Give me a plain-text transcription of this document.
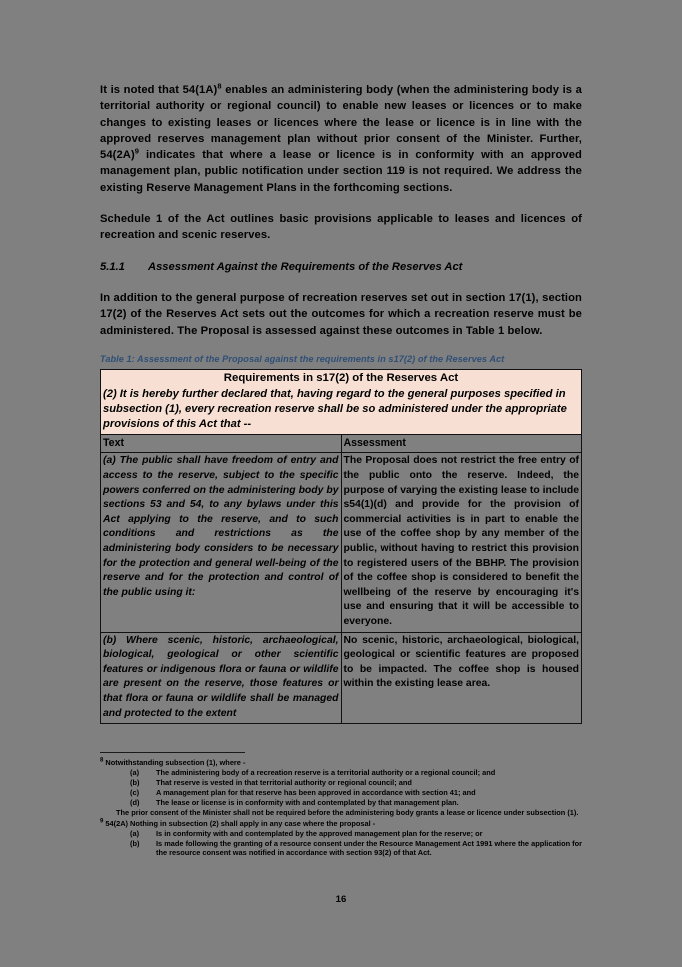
It is noted that 54(1A)$^8$ enables an administering body (when the administering body is a territorial authority or regional council) to enable new leases or licences or to make changes to existing leases or licences where the lease or licence is in line with the approved reserves management plan without prior consent of the Minister. Further, 54(2A)$^9$ indicates that where a lease or licence is in conformity with an approved management plan, public notification under section 119 is not required. We address the existing Reserve Management Plans in the forthcoming sections.

Schedule 1 of the Act outlines basic provisions applicable to leases and licences of recreation and scenic reserves.

5.1.1 Assessment Against the Requirements of the Reserves Act

In addition to the general purpose of recreation reserves set out in section 17(1), section 17(2) of the Reserves Act sets out the outcomes for which a recreation reserve must be administered. The Proposal is assessed against these outcomes in Table 1 below.

Table 1: Assessment of the Proposal against the requirements in s17(2) of the Reserves Act
Requirements in s17(2) of the Reserves Act
(2) It is hereby further declared that, having regard to the general purposes specified in subsection (1), every recreation reserve shall be so administered under the appropriate provisions of this Act that --	

Text	Assessment
(a) The public shall have freedom of entry and access to the reserve, subject to the specific powers conferred on the administering body by sections 53 and 54, to any bylaws under this Act applying to the reserve, and to such conditions and restrictions as the administering body considers to be necessary for the protection and general well-being of the reserve and for the protection and control of the public using it:	The Proposal does not restrict the free entry of the public onto the reserve. Indeed, the purpose of varying the existing lease to include s54(1)(d) and provide for the provision of commercial activities is in part to enable the use of the coffee shop by any member of the public, without having to restrict this provision to registered users of the BBHP. The provision of the coffee shop is considered to benefit the wellbeing of the reserve by encouraging it's use and ensuring that it will be accessible to everyone.
(b) Where scenic, historic, archaeological, biological, geological or other scientific features or indigenous flora or fauna or wildlife are present on the reserve, those features or that flora or fauna or wildlife shall be managed and protected to the extent	No scenic, historic, archaeological, biological, geological or scientific features are proposed to be impacted. The coffee shop is housed within the existing lease area.
$^8$ Notwithstanding subsection (1), where -
(a)	The administering body of a recreation reserve is a territorial authority or a regional council; and
(b)	That reserve is vested in that territorial authority or regional council; and
(c)	A management plan for that reserve has been approved in accordance with section 41; and
(d)	The lease or license is in conformity with and contemplated by that management plan.
The prior consent of the Minister shall not be required before the administering body grants a lease or licence under subsection (1).
$^9$ 54(2A) Nothing in subsection (2) shall apply in any case where the proposal -
(a)	Is in conformity with and contemplated by the approved management plan for the reserve; or
(b)	Is made following the granting of a resource consent under the Resource Management Act 1991 where the application for the resource consent was notified in accordance with section 93(2) of that Act.
16
